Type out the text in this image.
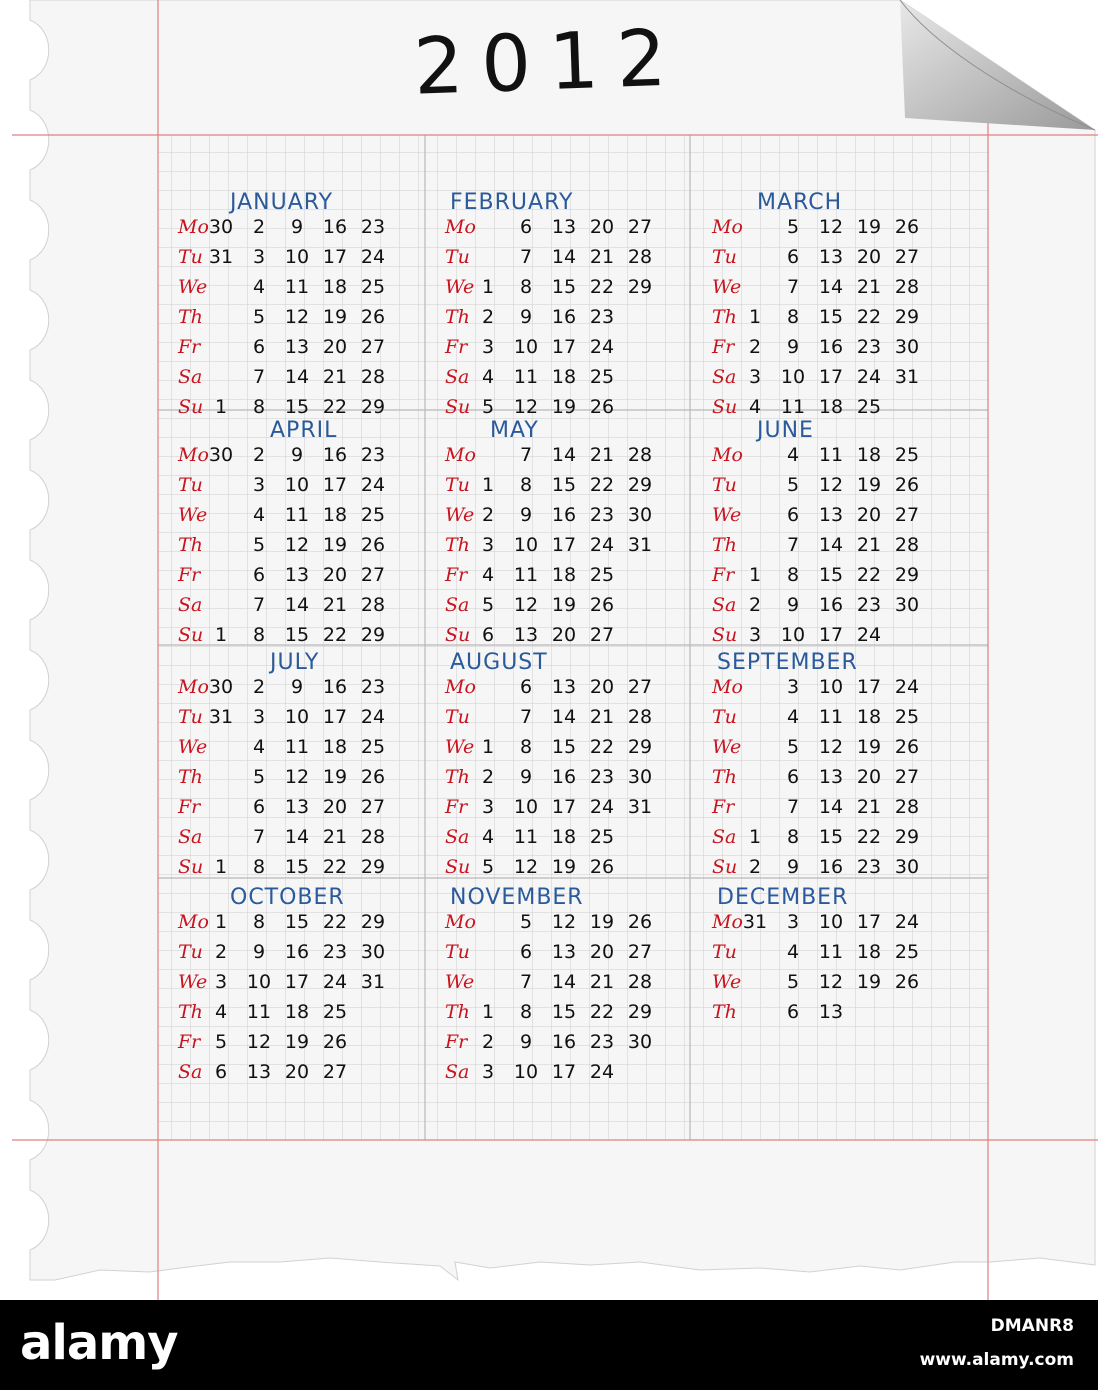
2012
JANUARY
Mo 30	2	9	16 23
Tu 31	3	10 17 24
We	4	11 18 25
Th	5	12 19 26
Fr	6	13 20 27
Sa	7	14 21 28
Su 1	8	15 22 29
FEBRUARY
Mo	6	13 20 27
Tu	7	14 21 28
We 1	8	15 22 29
Th 2	9	16 23
Fr 3	10 17 24
Sa 4	11 18 25
Su 5	12 19 26
MARCH
Mo	5	12 19 26
Tu	6	13 20 27
We	7	14 21 28
Th 1	8	15 22 29
Fr 2	9	16 23 30
Sa 3	10 17 24 31
Su 4	11 18 25
APRIL
Mo 30	2	9	16 23
Tu	3	10 17 24
We	4	11 18 25
Th	5	12 19 26
Fr	6	13 20 27
Sa	7	14 21 28
Su 1	8	15 22 29
MAY
Mo	7	14 21 28
Tu 1	8	15 22 29
We 2	9	16 23 30
Th 3	10 17 24 31
Fr 4	11 18 25
Sa 5	12 19 26
Su 6	13 20 27
JUNE
Mo	4	11 18 25
Tu	5	12 19 26
We	6	13 20 27
Th	7	14 21 28
Fr 1	8	15 22 29
Sa 2	9	16 23 30
Su 3	10 17 24
JULY
Mo 30	2	9	16 23
Tu 31	3	10 17 24
We	4	11 18 25
Th	5	12 19 26
Fr	6	13 20 27
Sa	7	14 21 28
Su 1	8	15 22 29
AUGUST
Mo	6	13 20 27
Tu	7	14 21 28
We 1	8	15 22 29
Th 2	9	16 23 30
Fr 3	10 17 24 31
Sa 4	11 18 25
Su 5	12 19 26
SEPTEMBER
Mo	3	10 17 24
Tu	4	11 18 25
We	5	12 19 26
Th	6	13 20 27
Fr	7	14 21 28
Sa 1	8	15 22 29
Su 2	9	16 23 30
OCTOBER
Mo 1	8	15 22 29
Tu 2	9	16 23 30
We 3	10 17 24 31
Th 4	11 18 25
Fr 5	12 19 26
Sa 6	13 20 27
NOVEMBER
Mo	5	12 19 26
Tu	6	13 20 27
We	7	14 21 28
Th 1	8	15 22 29
Fr 2	9	16 23 30
Sa 3	10 17 24
DECEMBER
Mo 31	3	10 17 24
Tu	4	11 18 25
We	5	12 19 26
Th	6	13
alamy	DMANR8
www.alamy.com
